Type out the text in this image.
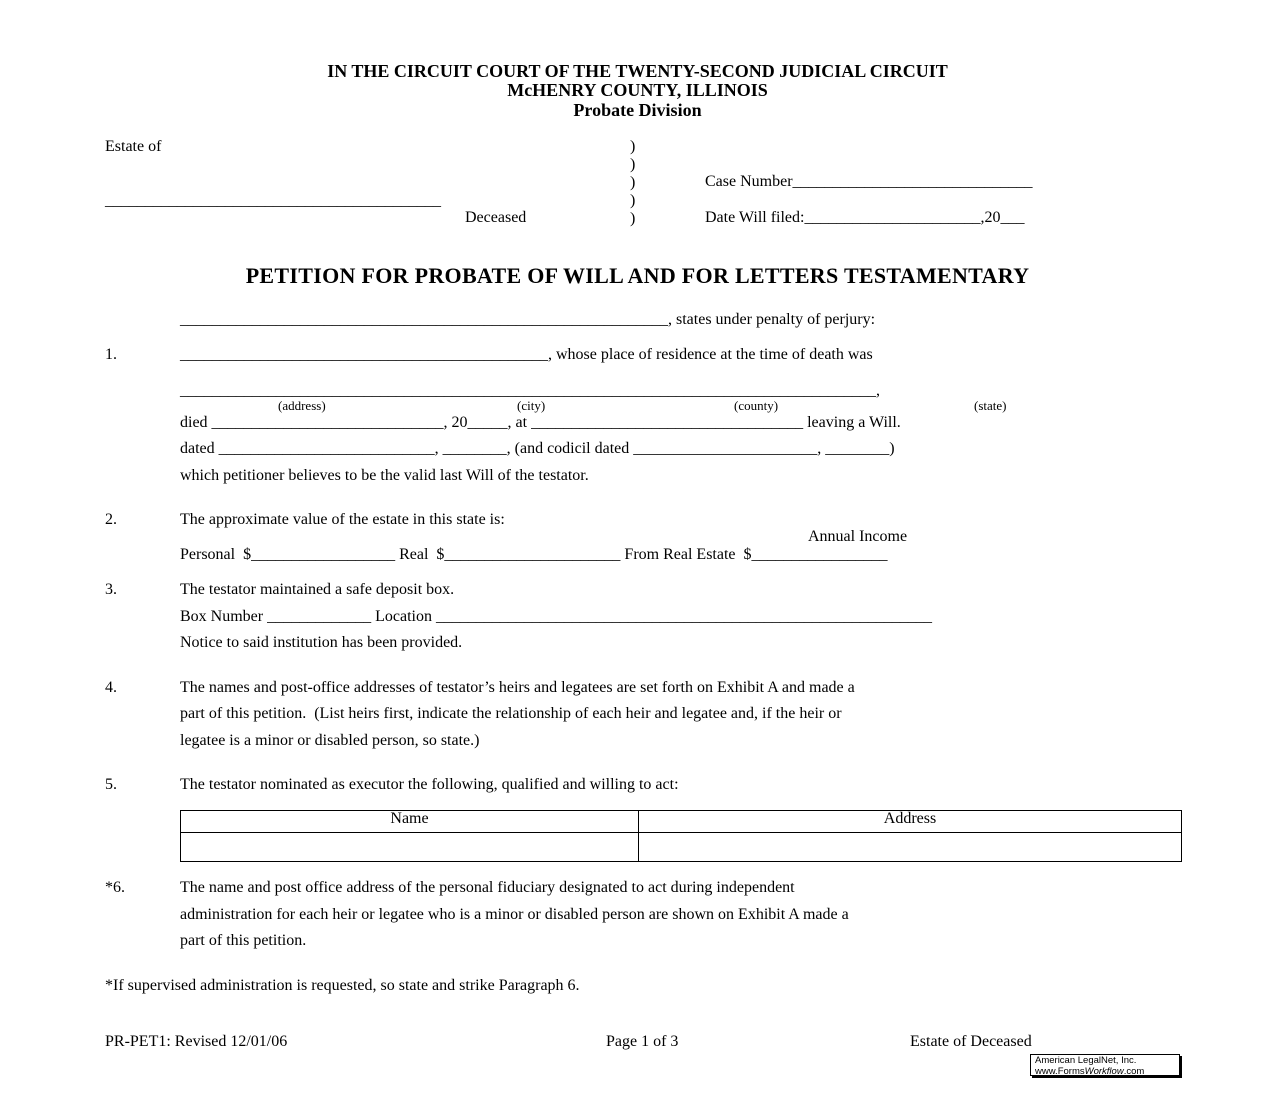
IN THE CIRCUIT COURT OF THE TWENTY-SECOND JUDICIAL CIRCUIT
McHENRY COUNTY, ILLINOIS
Probate Division
Estate of
__________________________________________
Deceased
)
)
)
)
)
Case Number______________________________
Date Will filed:______________________,20___
PETITION FOR PROBATE OF WILL AND FOR LETTERS TESTAMENTARY
_____________________________________________________________, states under penalty of perjury:
1.	______________________________________________, whose place of residence at the time of death was
_______________________________________________________________________________________,
(address)	(city)	(county)	(state)
died _____________________________, 20_____, at __________________________________ leaving a Will.
dated ___________________________, ________, (and codicil dated _______________________, ________)
which petitioner believes to be the valid last Will of the testator.
2.	The approximate value of the estate in this state is:
Annual Income
Personal  $__________________ Real  $______________________ From Real Estate  $_________________
3.	The testator maintained a safe deposit box.
Box Number _____________ Location ______________________________________________________________
Notice to said institution has been provided.
4.	The names and post-office addresses of testator’s heirs and legatees are set forth on Exhibit A and made a
part of this petition.  (List heirs first, indicate the relationship of each heir and legatee and, if the heir or
legatee is a minor or disabled person, so state.)
5.	The testator nominated as executor the following, qualified and willing to act:
Name	Address

*6.	The name and post office address of the personal fiduciary designated to act during independent
administration for each heir or legatee who is a minor or disabled person are shown on Exhibit A made a
part of this petition.
*If supervised administration is requested, so state and strike Paragraph 6.
PR-PET1: Revised 12/01/06	Page 1 of 3	Estate of Deceased
American LegalNet, Inc.
www.FormsWorkflow.com
